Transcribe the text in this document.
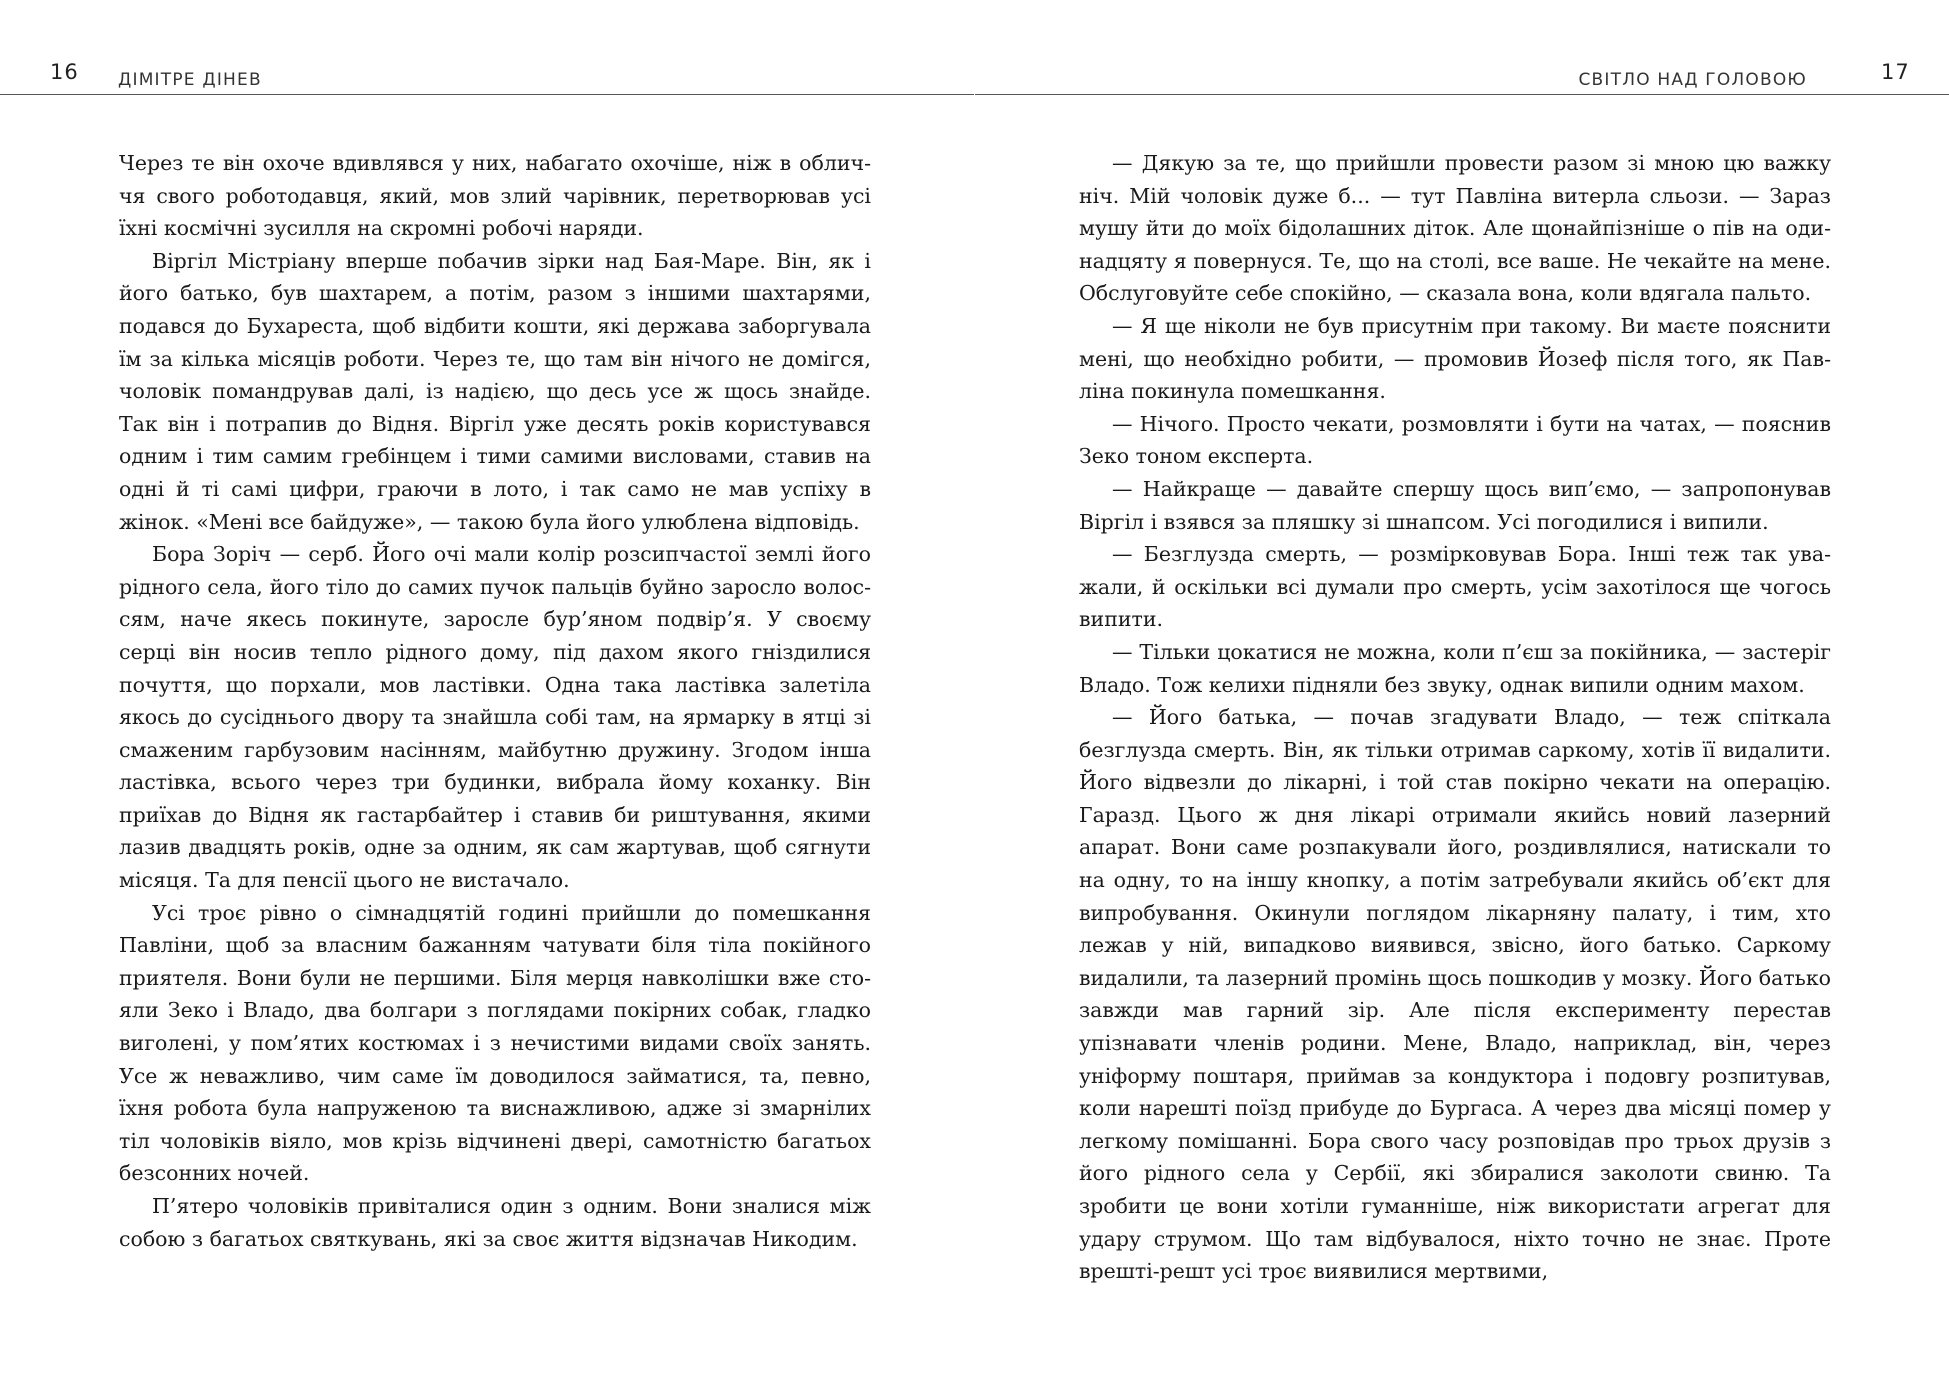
16 ДІМІТРЕ ДІНЕВ

Через те він охоче вдивлявся у них, набагато охочіше, ніж в обличчя свого роботодавця, який, мов злий чарівник, перетворював усі їхні космічні зусилля на скромні робочі наряди.

Віргіл Містріану вперше побачив зірки над Бая-Маре. Він, як і його батько, був шахтарем, а потім, разом з іншими шахтарями, подався до Бухареста, щоб відбити кошти, які держава заборгувала їм за кілька місяців роботи. Через те, що там він нічого не домігся, чоловік помандрував далі, із надією, що десь усе ж щось знайде. Так він і потрапив до Відня. Віргіл уже десять років користувався одним і тим самим гребінцем і тими самими висловами, ставив на одні й ті самі цифри, граючи в лото, і так само не мав успіху в жінок. «Мені все байдуже», — такою була його улюблена відповідь.

Бора Зоріч — серб. Його очі мали колір розсипчастої землі його рідного села, його тіло до самих пучок пальців буйно заросло волоссям, наче якесь покинуте, заросле бур’яном подвір’я. У своєму серці він носив тепло рідного дому, під дахом якого гніздилися почуття, що порхали, мов ластівки. Одна така ластівка залетіла якось до сусіднього двору та знайшла собі там, на ярмарку в ятці зі смаженим гарбузовим насінням, майбутню дружину. Згодом інша ластівка, всього через три будинки, вибрала йому коханку. Він приїхав до Відня як гастарбайтер і ставив би риштування, якими лазив двадцять років, одне за одним, як сам жартував, щоб сягнути місяця. Та для пенсії цього не вистачало.

Усі троє рівно о сімнадцятій годині прийшли до помешкання Павліни, щоб за власним бажанням чатувати біля тіла покійного приятеля. Вони були не першими. Біля мерця навколішки вже стояли Зеко і Владо, два болгари з поглядами покірних собак, гладко виголені, у пом’ятих костюмах і з нечистими видами своїх занять. Усе ж неважливо, чим саме їм доводилося займатися, та, певно, їхня робота була напруженою та виснажливою, адже зі змарнілих тіл чоловіків віяло, мов крізь відчинені двері, самотністю багатьох безсонних ночей.

П’ятеро чоловіків привіталися один з одним. Вони зналися між собою з багатьох святкувань, які за своє життя відзначав Никодим.

СВІТЛО НАД ГОЛОВОЮ	17

— Дякую за те, що прийшли провести разом зі мною цю важку ніч. Мій чоловік дуже б... — тут Павліна витерла сльози. — Зараз мушу йти до моїх бідолашних діток. Але щонайпізніше о пів на одинадцяту я повернуся. Те, що на столі, все ваше. Не чекайте на мене. Обслуговуйте себе спокійно, — сказала вона, коли вдягала пальто.

— Я ще ніколи не був присутнім при такому. Ви маєте пояснити мені, що необхідно робити, — промовив Йозеф після того, як Павліна покинула помешкання.

— Нічого. Просто чекати, розмовляти і бути на чатах, — пояснив Зеко тоном експерта.

— Найкраще — давайте спершу щось вип’ємо, — запропонував Віргіл і взявся за пляшку зі шнапсом. Усі погодилися і випили.

— Безглузда смерть, — розмірковував Бора. Інші теж так уважали, й оскільки всі думали про смерть, усім захотілося ще чогось випити.

— Тільки цокатися не можна, коли п’єш за покійника, — застеріг Владо. Тож келихи підняли без звуку, однак випили одним махом.

— Його батька, — почав згадувати Владо, — теж спіткала безглузда смерть. Він, як тільки отримав саркому, хотів її видалити. Його відвезли до лікарні, і той став покірно чекати на операцію. Гаразд. Цього ж дня лікарі отримали якийсь новий лазерний апарат. Вони саме розпакували його, роздивлялися, натискали то на одну, то на іншу кнопку, а потім затребували якийсь об’єкт для випробування. Окинули поглядом лікарняну палату, і тим, хто лежав у ній, випадково виявився, звісно, його батько. Саркому видалили, та лазерний промінь щось пошкодив у мозку. Його батько завжди мав гарний зір. Але після експерименту перестав упізнавати членів родини. Мене, Владо, наприклад, він, через уніформу поштаря, приймав за кондуктора і подовгу розпитував, коли нарешті поїзд прибуде до Бургаса. А через два місяці помер у легкому помішанні. Бора свого часу розповідав про трьох друзів з його рідного села у Сербії, які збиралися заколоти свиню. Та зробити це вони хотіли гуманніше, ніж використати агрегат для удару струмом. Що там відбувалося, ніхто точно не знає. Проте врешті-решт усі троє виявилися мертвими,
